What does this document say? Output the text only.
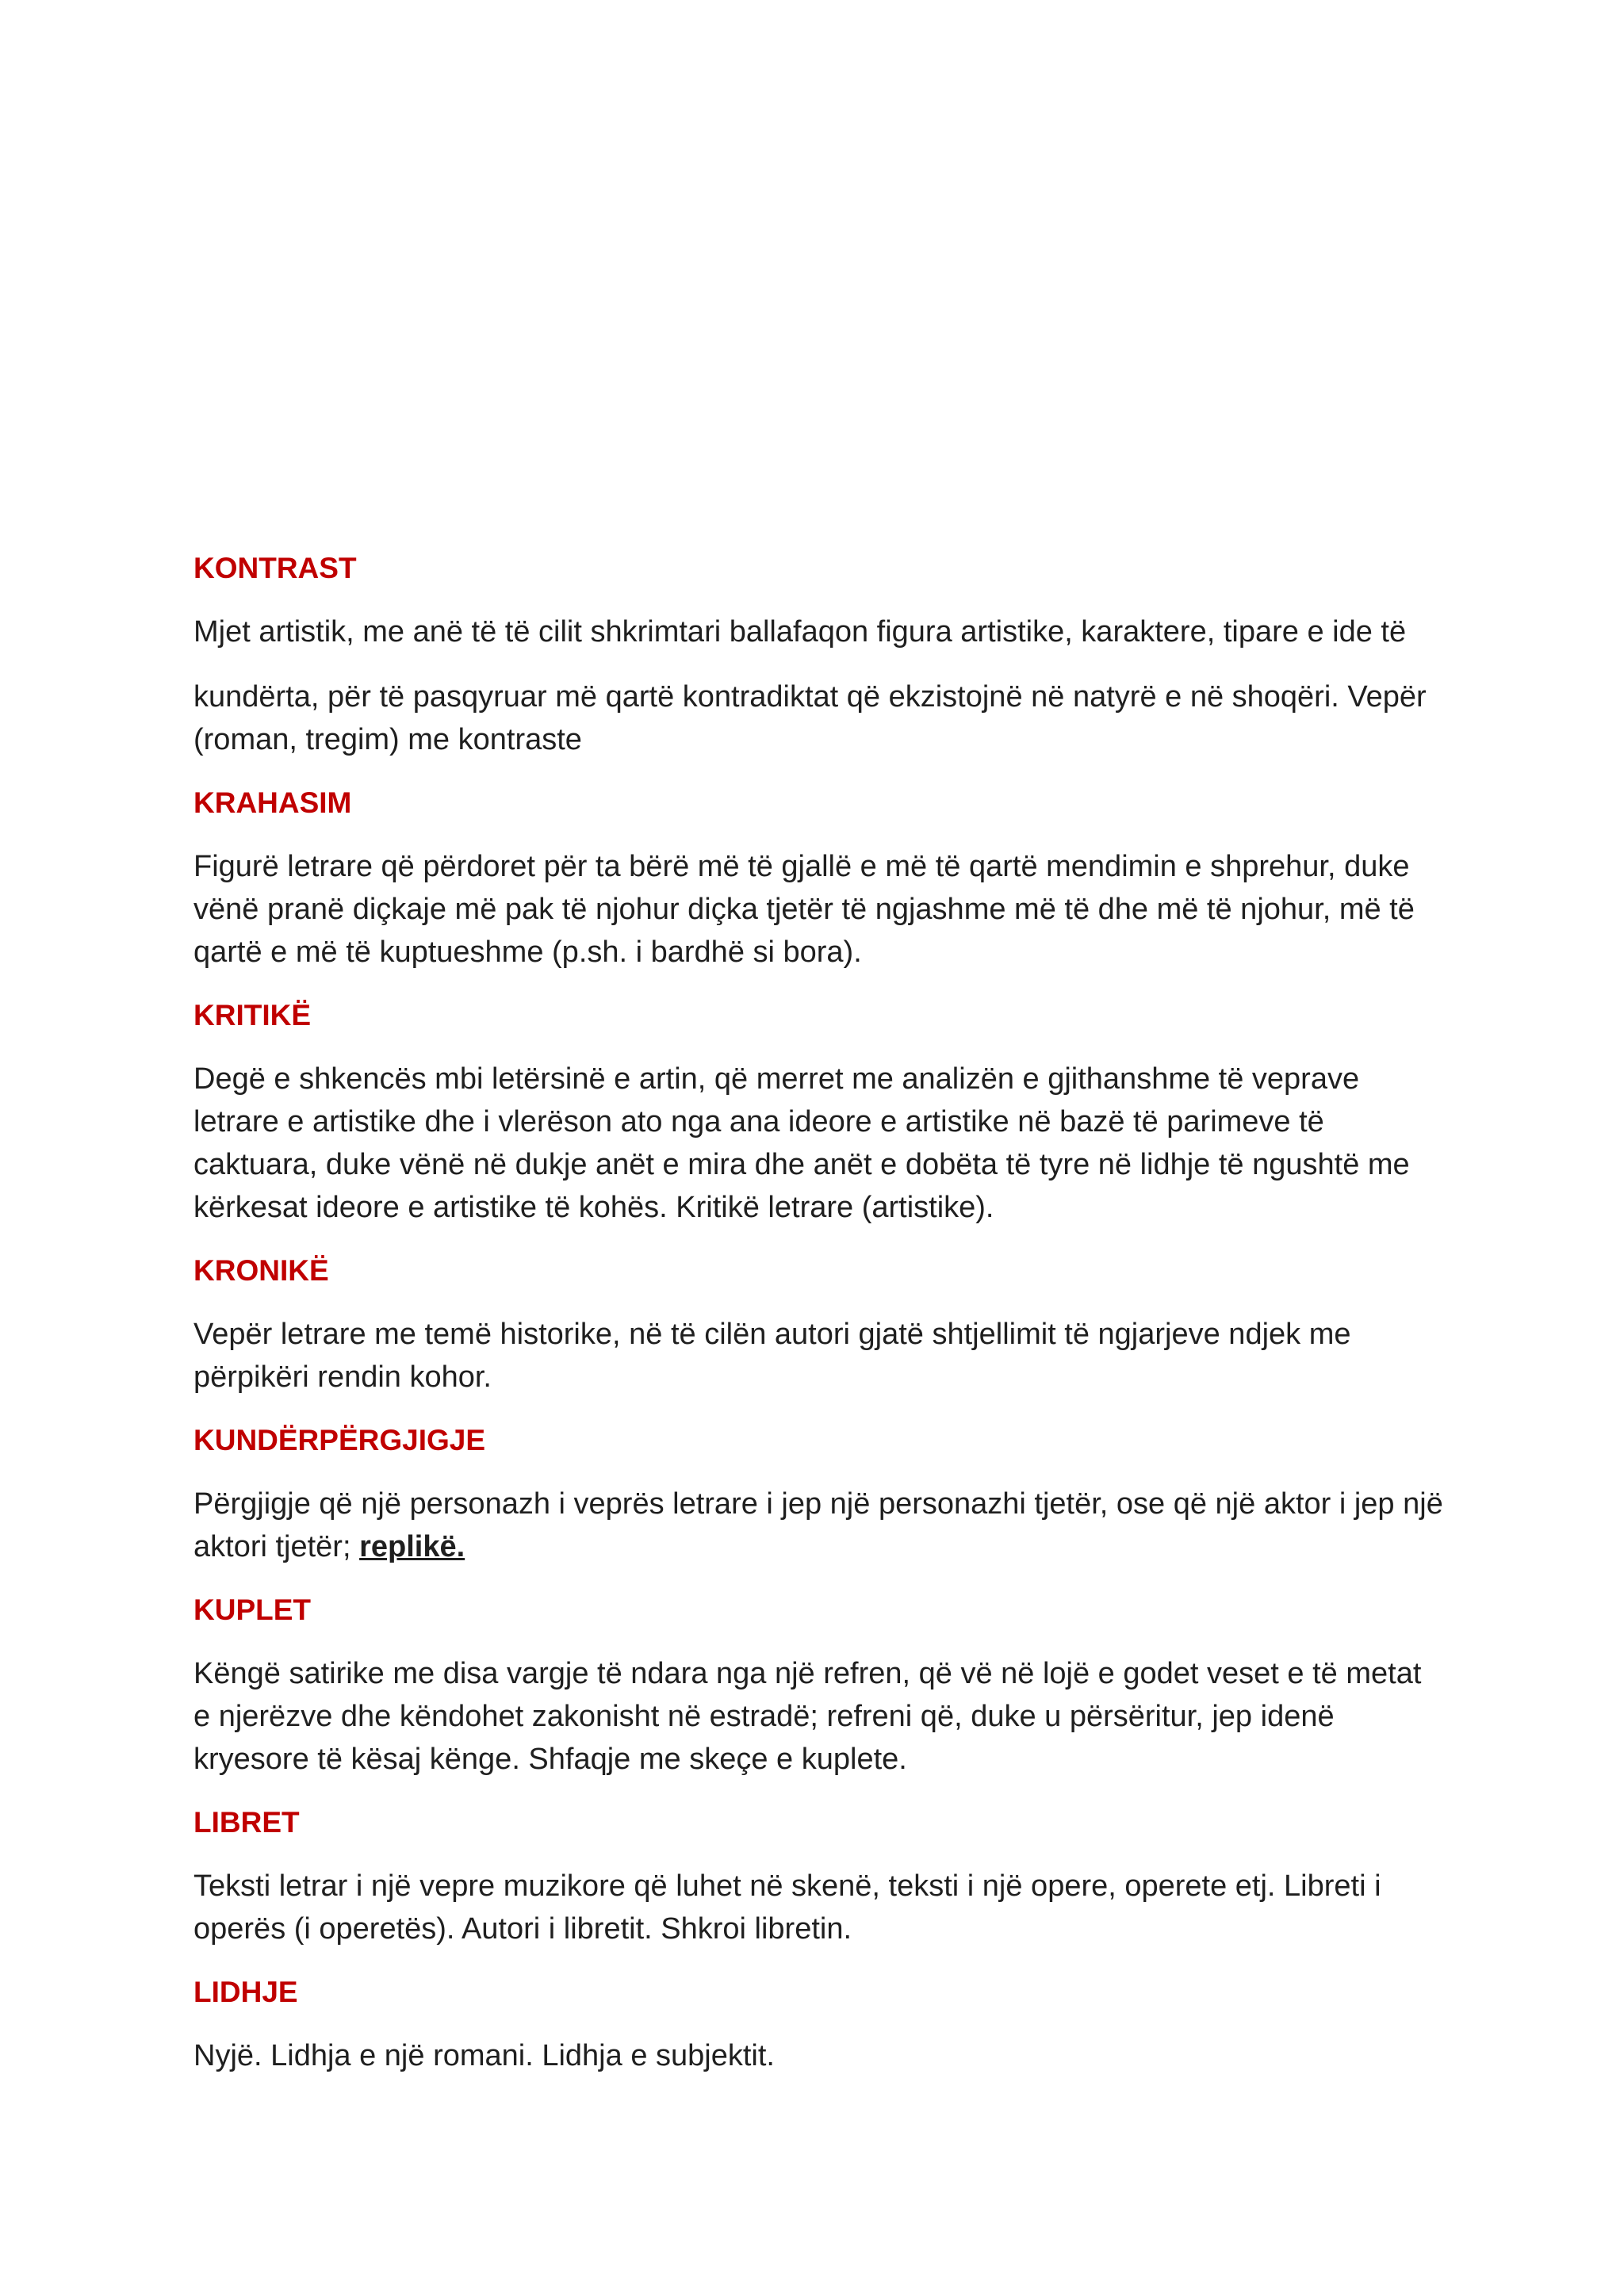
KONTRAST

Mjet artistik, me anë të të cilit shkrimtari ballafaqon figura artistike, karaktere, tipare e ide të
kundërta, për të pasqyruar më qartë kontradiktat që ekzistojnë në natyrë e në shoqëri. Vepër (roman, tregim) me kontraste

KRAHASIM

Figurë letrare që përdoret për ta bërë më të gjallë e më të qartë mendimin e shprehur, duke vënë pranë diçkaje më pak të njohur diçka tjetër të ngjashme më të dhe më të njohur, më të qartë e më të kuptueshme (p.sh. i bardhë si bora).

KRITIKË

Degë e shkencës mbi letërsinë e artin, që merret me analizën e gjithanshme të veprave letrare e artistike dhe i vlerëson ato nga ana ideore e artistike në bazë të parimeve të caktuara, duke vënë në dukje anët e mira dhe anët e dobëta të tyre në lidhje të ngushtë me kërkesat ideore e artistike të kohës. Kritikë letrare (artistike).

KRONIKË

Vepër letrare me temë historike, në të cilën autori gjatë shtjellimit të ngjarjeve ndjek me përpikëri rendin kohor.

KUNDËRPËRGJIGJE

Përgjigje që një personazh i veprës letrare i jep një personazhi tjetër, ose që një aktor i jep një aktori tjetër; replikë.

KUPLET

Këngë satirike me disa vargje të ndara nga një refren, që vë në lojë e godet veset e të metat e njerëzve dhe këndohet zakonisht në estradë; refreni që, duke u përsëritur, jep idenë kryesore të kësaj kënge. Shfaqje me skeçe e kuplete.

LIBRET

Teksti letrar i një vepre muzikore që luhet në skenë, teksti i një opere, operete etj. Libreti i operës (i operetës). Autori i libretit. Shkroi libretin.

LIDHJE

Nyjë. Lidhja e një romani. Lidhja e subjektit.
